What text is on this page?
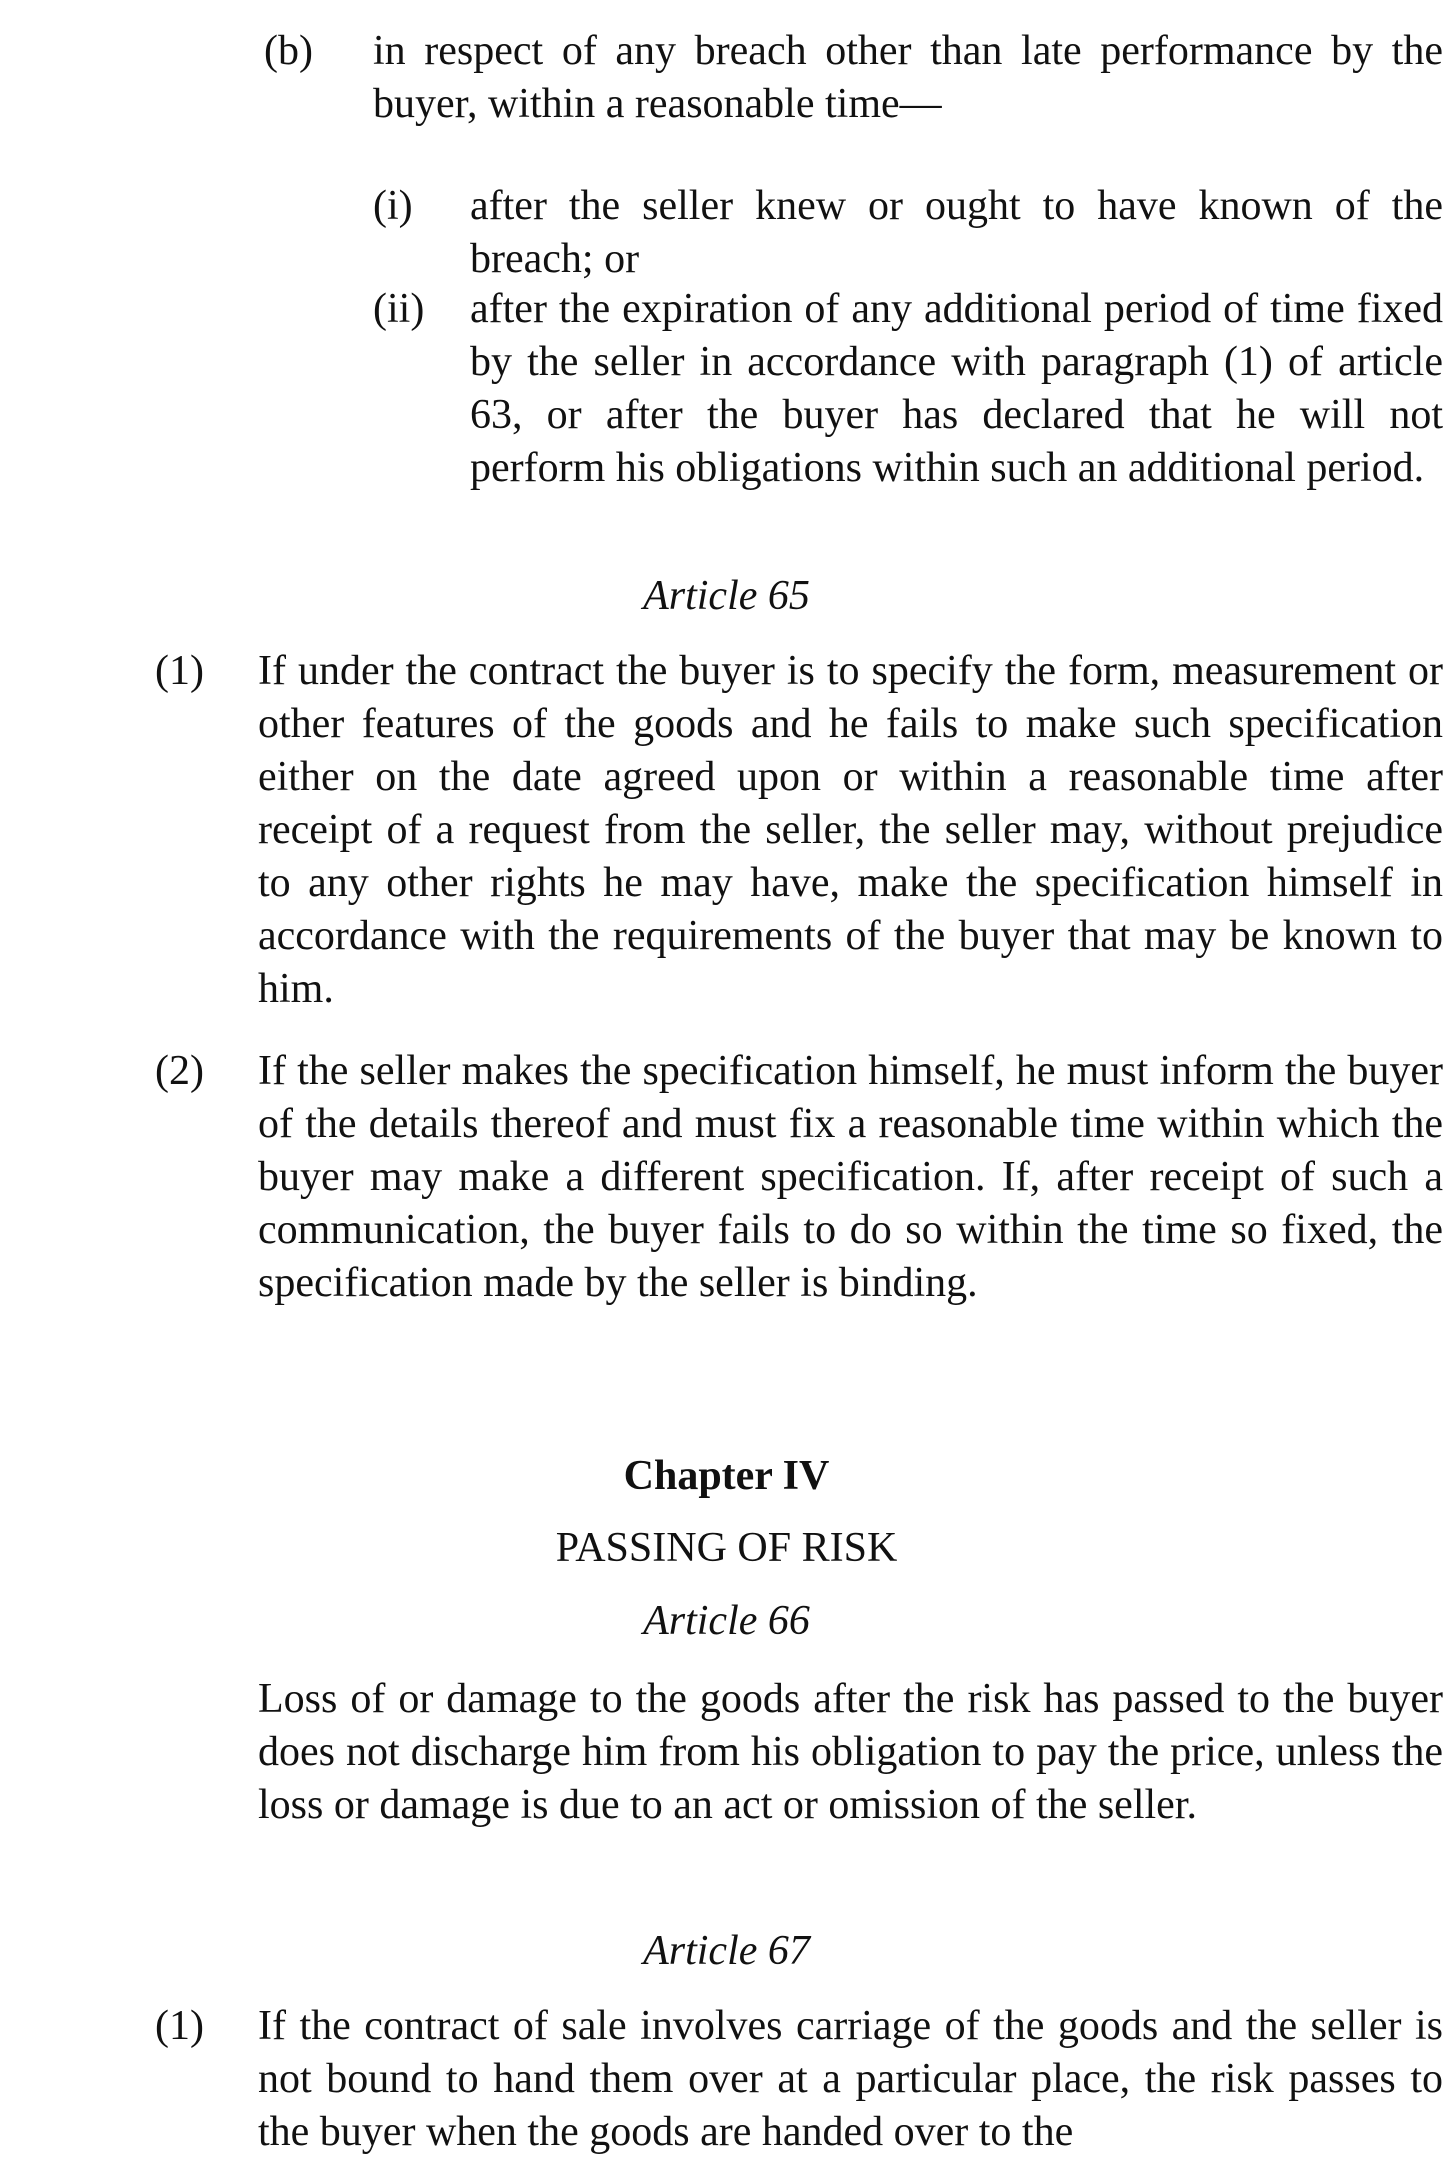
(b) in respect of any breach other than late performance by the buyer, within a reasonable time—
(i) after the seller knew or ought to have known of the breach; or
(ii) after the expiration of any additional period of time fixed by the seller in accordance with paragraph (1) of article 63, or after the buyer has declared that he will not perform his obligations within such an additional period.
Article 65
(1) If under the contract the buyer is to specify the form, measurement or other features of the goods and he fails to make such specification either on the date agreed upon or within a reasonable time after receipt of a request from the seller, the seller may, without prejudice to any other rights he may have, make the specification himself in accordance with the requirements of the buyer that may be known to him.
(2) If the seller makes the specification himself, he must inform the buyer of the details thereof and must fix a reasonable time within which the buyer may make a different specification. If, after receipt of such a communication, the buyer fails to do so within the time so fixed, the specification made by the seller is binding.
Chapter IV
PASSING OF RISK
Article 66
Loss of or damage to the goods after the risk has passed to the buyer does not discharge him from his obligation to pay the price, unless the loss or damage is due to an act or omission of the seller.
Article 67
(1) If the contract of sale involves carriage of the goods and the seller is not bound to hand them over at a particular place, the risk passes to the buyer when the goods are handed over to the
